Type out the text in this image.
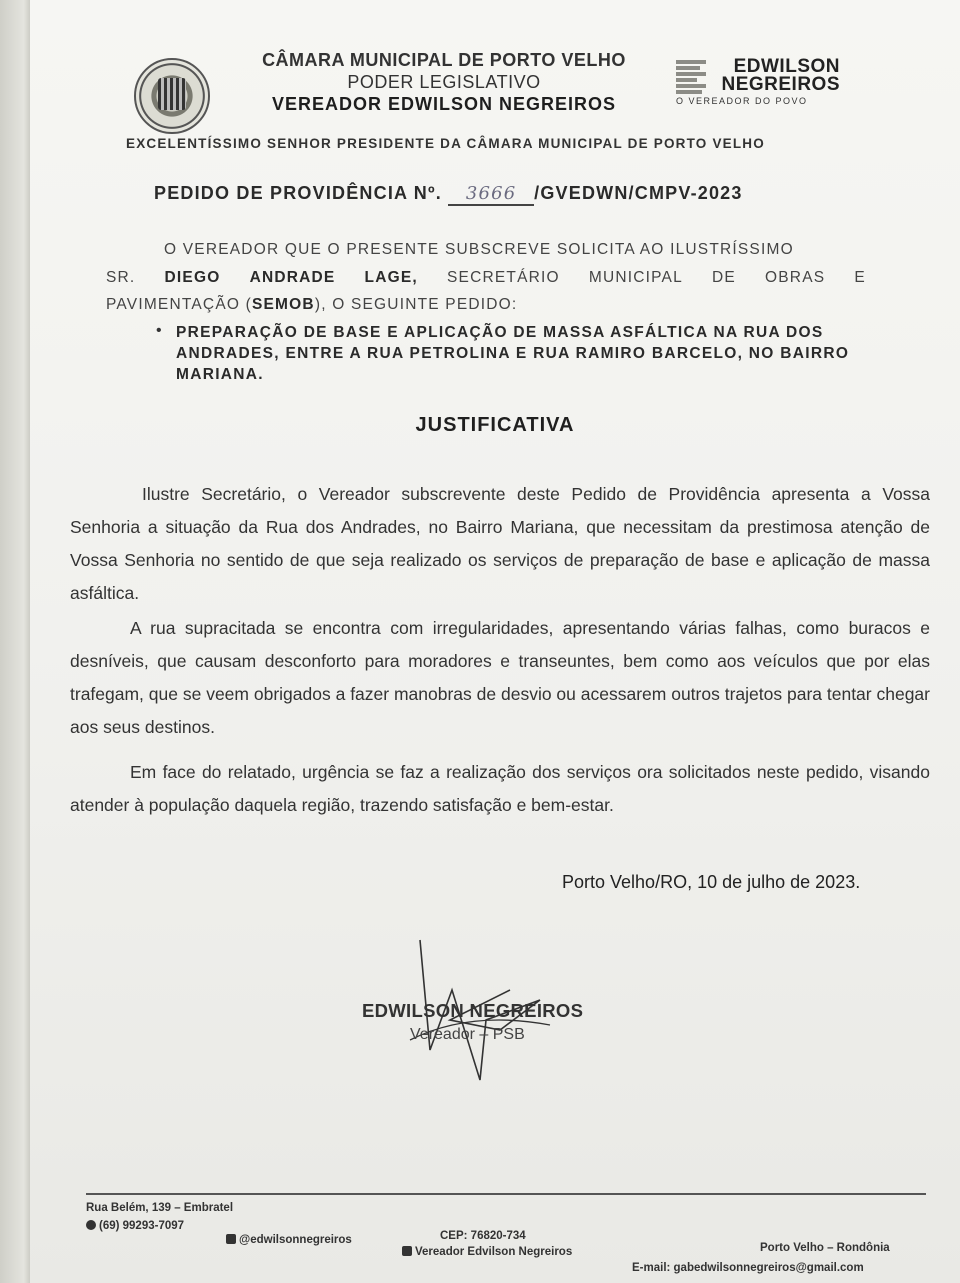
CÂMARA MUNICIPAL DE PORTO VELHO
PODER LEGISLATIVO
VEREADOR EDWILSON NEGREIROS
EDWILSON
NEGREIROS
O VEREADOR DO POVO
EXCELENTÍSSIMO SENHOR PRESIDENTE DA CÂMARA MUNICIPAL DE PORTO VELHO
PEDIDO DE PROVIDÊNCIA Nº. 3666 /GVEDWN/CMPV-2023
O VEREADOR QUE O PRESENTE SUBSCREVE SOLICITA AO ILUSTRÍSSIMO
SR. DIEGO ANDRADE LAGE, SECRETÁRIO MUNICIPAL DE OBRAS E
PAVIMENTAÇÃO (SEMOB), O SEGUINTE PEDIDO:
• PREPARAÇÃO DE BASE E APLICAÇÃO DE MASSA ASFÁLTICA NA RUA DOS ANDRADES, ENTRE A RUA PETROLINA E RUA RAMIRO BARCELO, NO BAIRRO MARIANA.
JUSTIFICATIVA
Ilustre Secretário, o Vereador subscrevente deste Pedido de Providência apresenta a Vossa Senhoria a situação da Rua dos Andrades, no Bairro Mariana, que necessitam da prestimosa atenção de Vossa Senhoria no sentido de que seja realizado os serviços de preparação de base e aplicação de massa asfáltica.
A rua supracitada se encontra com irregularidades, apresentando várias falhas, como buracos e desníveis, que causam desconforto para moradores e transeuntes, bem como aos veículos que por elas trafegam, que se veem obrigados a fazer manobras de desvio ou acessarem outros trajetos para tentar chegar aos seus destinos.
Em face do relatado, urgência se faz a realização dos serviços ora solicitados neste pedido, visando atender à população daquela região, trazendo satisfação e bem-estar.
Porto Velho/RO, 10 de julho de 2023.
EDWILSON NEGREIROS
Vereador – PSB
Rua Belém, 139 – Embratel
(69) 99293-7097
@edwilsonnegreiros	CEP: 76820-734
Vereador Edvilson Negreiros	Porto Velho – Rondônia
E-mail: gabedwilsonnegreiros@gmail.com
